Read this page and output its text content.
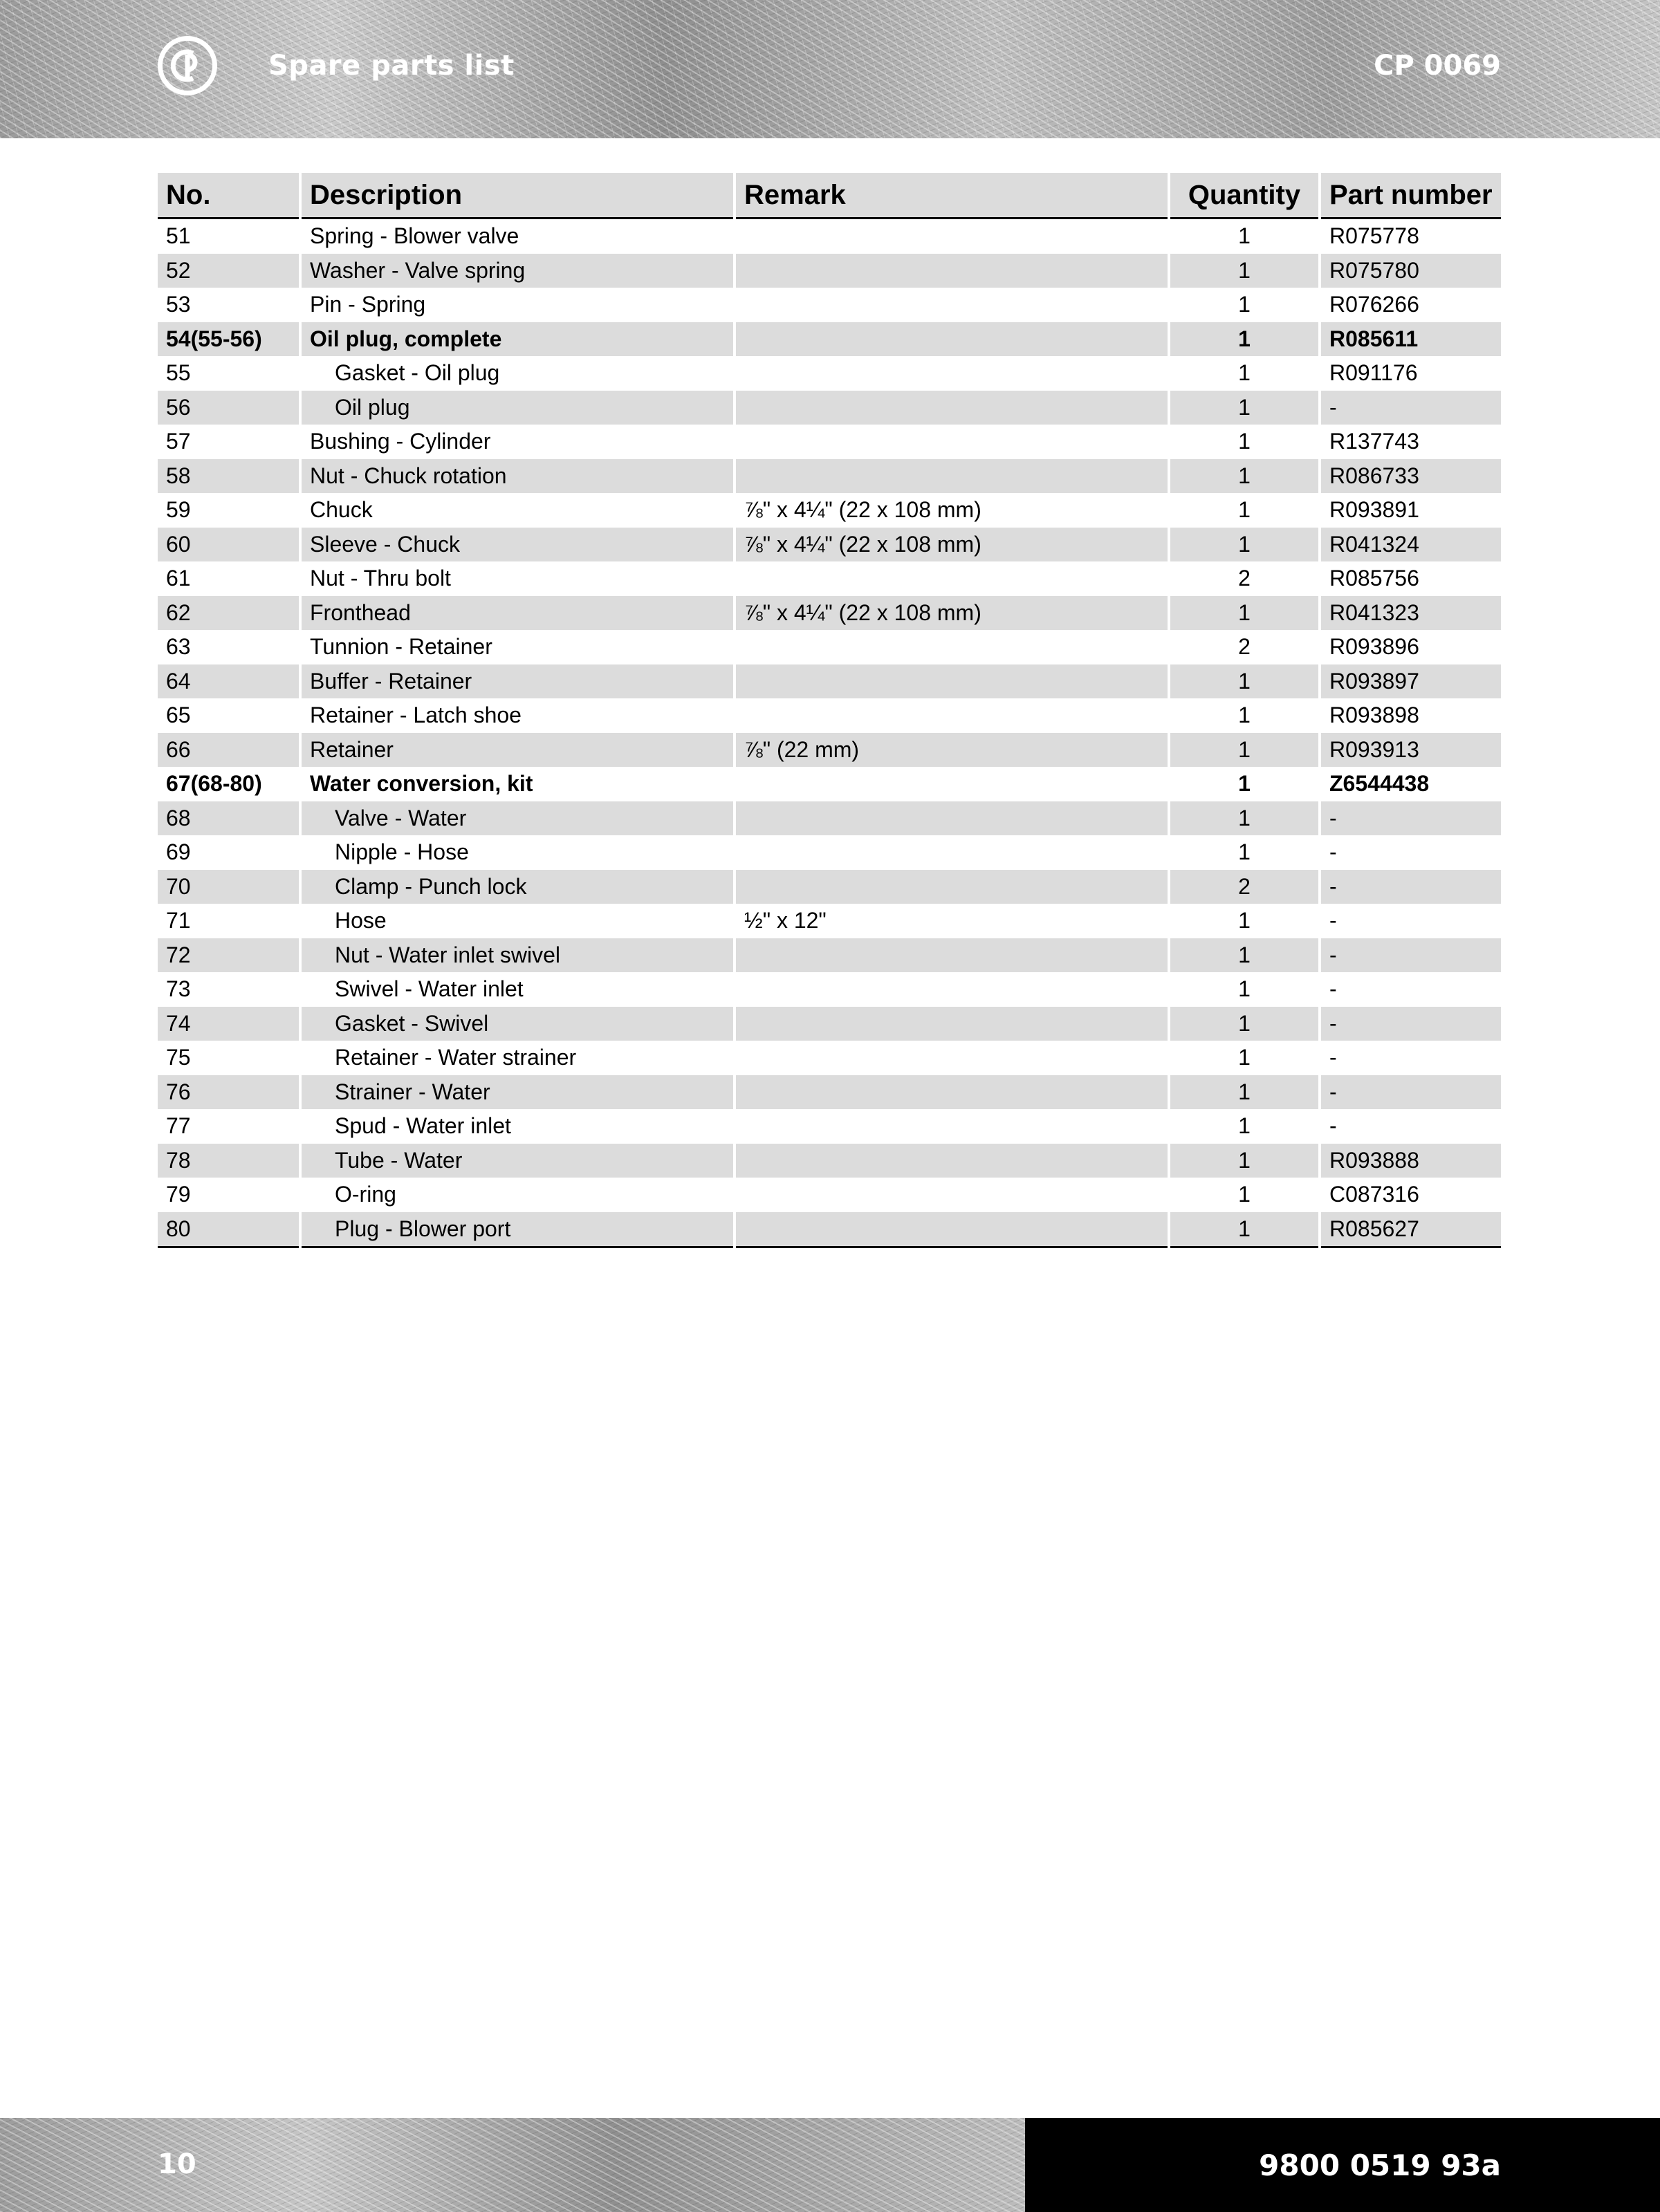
Spare parts list	CP 0069
No.	Description	Remark	Quantity	Part number
51	Spring - Blower valve		1	R075778
52	Washer - Valve spring		1	R075780
53	Pin - Spring		1	R076266
54(55-56)	Oil plug, complete		1	R085611
55	Gasket - Oil plug		1	R091176
56	Oil plug		1	-
57	Bushing - Cylinder		1	R137743
58	Nut - Chuck rotation		1	R086733
59	Chuck	⅞" x 4¼" (22 x 108 mm)	1	R093891
60	Sleeve - Chuck	⅞" x 4¼" (22 x 108 mm)	1	R041324
61	Nut - Thru bolt		2	R085756
62	Fronthead	⅞" x 4¼" (22 x 108 mm)	1	R041323
63	Tunnion - Retainer		2	R093896
64	Buffer - Retainer		1	R093897
65	Retainer - Latch shoe		1	R093898
66	Retainer	⅞" (22 mm)	1	R093913
67(68-80)	Water conversion, kit		1	Z6544438
68	Valve - Water		1	-
69	Nipple - Hose		1	-
70	Clamp - Punch lock		2	-
71	Hose	½" x 12"	1	-
72	Nut - Water inlet swivel		1	-
73	Swivel - Water inlet		1	-
74	Gasket - Swivel		1	-
75	Retainer - Water strainer		1	-
76	Strainer - Water		1	-
77	Spud - Water inlet		1	-
78	Tube - Water		1	R093888
79	O-ring		1	C087316
80	Plug - Blower port		1	R085627
10	9800 0519 93a
